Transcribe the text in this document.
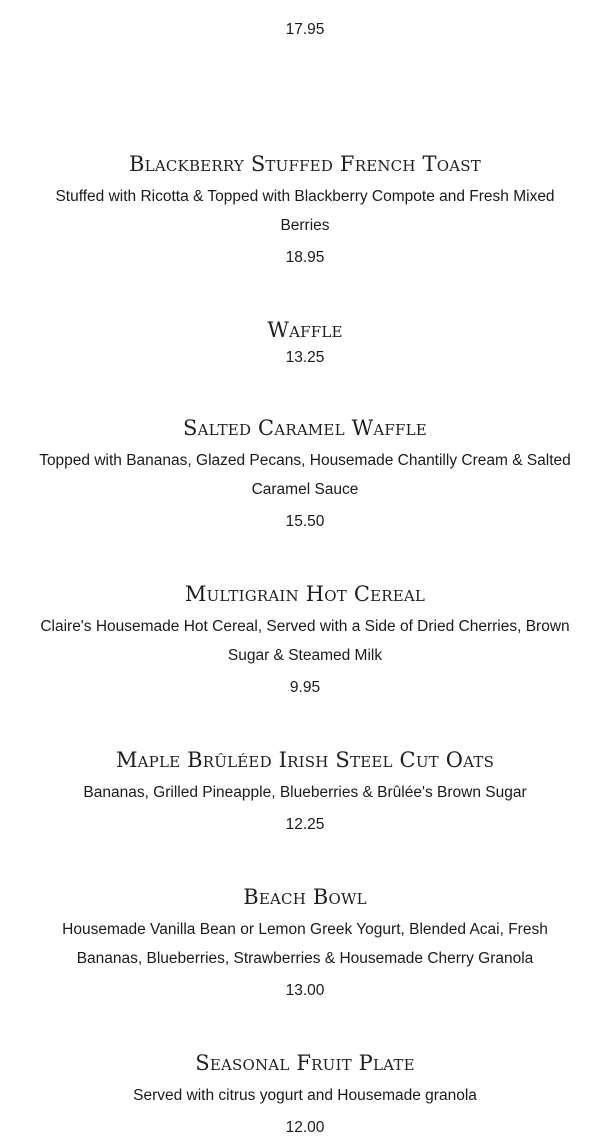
17.95
Blackberry Stuffed French Toast

Stuffed with Ricotta & Topped with Blackberry Compote and Fresh Mixed Berries

18.95
Waffle
13.25
Salted Caramel Waffle

Topped with Bananas, Glazed Pecans, Housemade Chantilly Cream & Salted Caramel Sauce

15.50
Multigrain Hot Cereal

Claire's Housemade Hot Cereal, Served with a Side of Dried Cherries, Brown Sugar & Steamed Milk

9.95
Maple Brûléed Irish Steel Cut Oats

Bananas, Grilled Pineapple, Blueberries & Brûlée's Brown Sugar

12.25
Beach Bowl

Housemade Vanilla Bean or Lemon Greek Yogurt, Blended Acai, Fresh Bananas, Blueberries, Strawberries & Housemade Cherry Granola

13.00
Seasonal Fruit Plate

Served with citrus yogurt and Housemade granola

12.00
